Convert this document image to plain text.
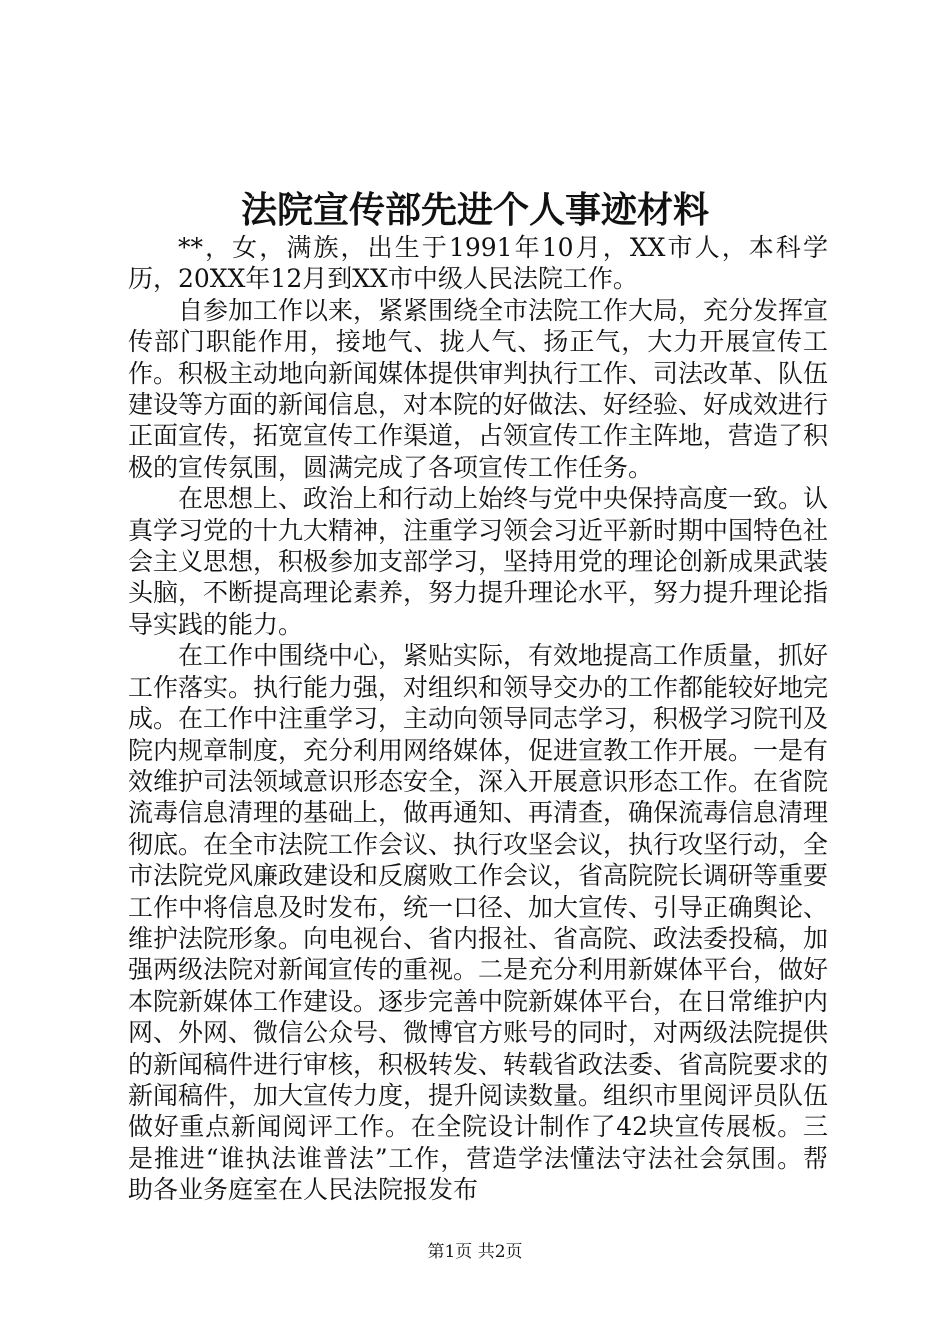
法院宣传部先进个人事迹材料

**，女，满族，出生于1991年10月，XX市人，本科学历，20XX年12月到XX市中级人民法院工作。

自参加工作以来，紧紧围绕全市法院工作大局，充分发挥宣传部门职能作用，接地气、拢人气、扬正气，大力开展宣传工作。积极主动地向新闻媒体提供审判执行工作、司法改革、队伍建设等方面的新闻信息，对本院的好做法、好经验、好成效进行正面宣传，拓宽宣传工作渠道，占领宣传工作主阵地，营造了积极的宣传氛围，圆满完成了各项宣传工作任务。

在思想上、政治上和行动上始终与党中央保持高度一致。认真学习党的十九大精神，注重学习领会习近平新时期中国特色社会主义思想，积极参加支部学习，坚持用党的理论创新成果武装头脑，不断提高理论素养，努力提升理论水平，努力提升理论指导实践的能力。

在工作中围绕中心，紧贴实际，有效地提高工作质量，抓好工作落实。执行能力强，对组织和领导交办的工作都能较好地完成。在工作中注重学习，主动向领导同志学习，积极学习院刊及院内规章制度，充分利用网络媒体，促进宣教工作开展。一是有效维护司法领域意识形态安全，深入开展意识形态工作。在省院流毒信息清理的基础上，做再通知、再清查，确保流毒信息清理彻底。在全市法院工作会议、执行攻坚会议，执行攻坚行动，全市法院党风廉政建设和反腐败工作会议，省高院院长调研等重要工作中将信息及时发布，统一口径、加大宣传、引导正确舆论、维护法院形象。向电视台、省内报社、省高院、政法委投稿，加强两级法院对新闻宣传的重视。二是充分利用新媒体平台，做好本院新媒体工作建设。逐步完善中院新媒体平台，在日常维护内网、外网、微信公众号、微博官方账号的同时，对两级法院提供的新闻稿件进行审核，积极转发、转载省政法委、省高院要求的新闻稿件，加大宣传力度，提升阅读数量。组织市里阅评员队伍做好重点新闻阅评工作。在全院设计制作了42块宣传展板。三是推进“谁执法谁普法”工作，营造学法懂法守法社会氛围。帮助各业务庭室在人民法院报发布

第1页 共2页
